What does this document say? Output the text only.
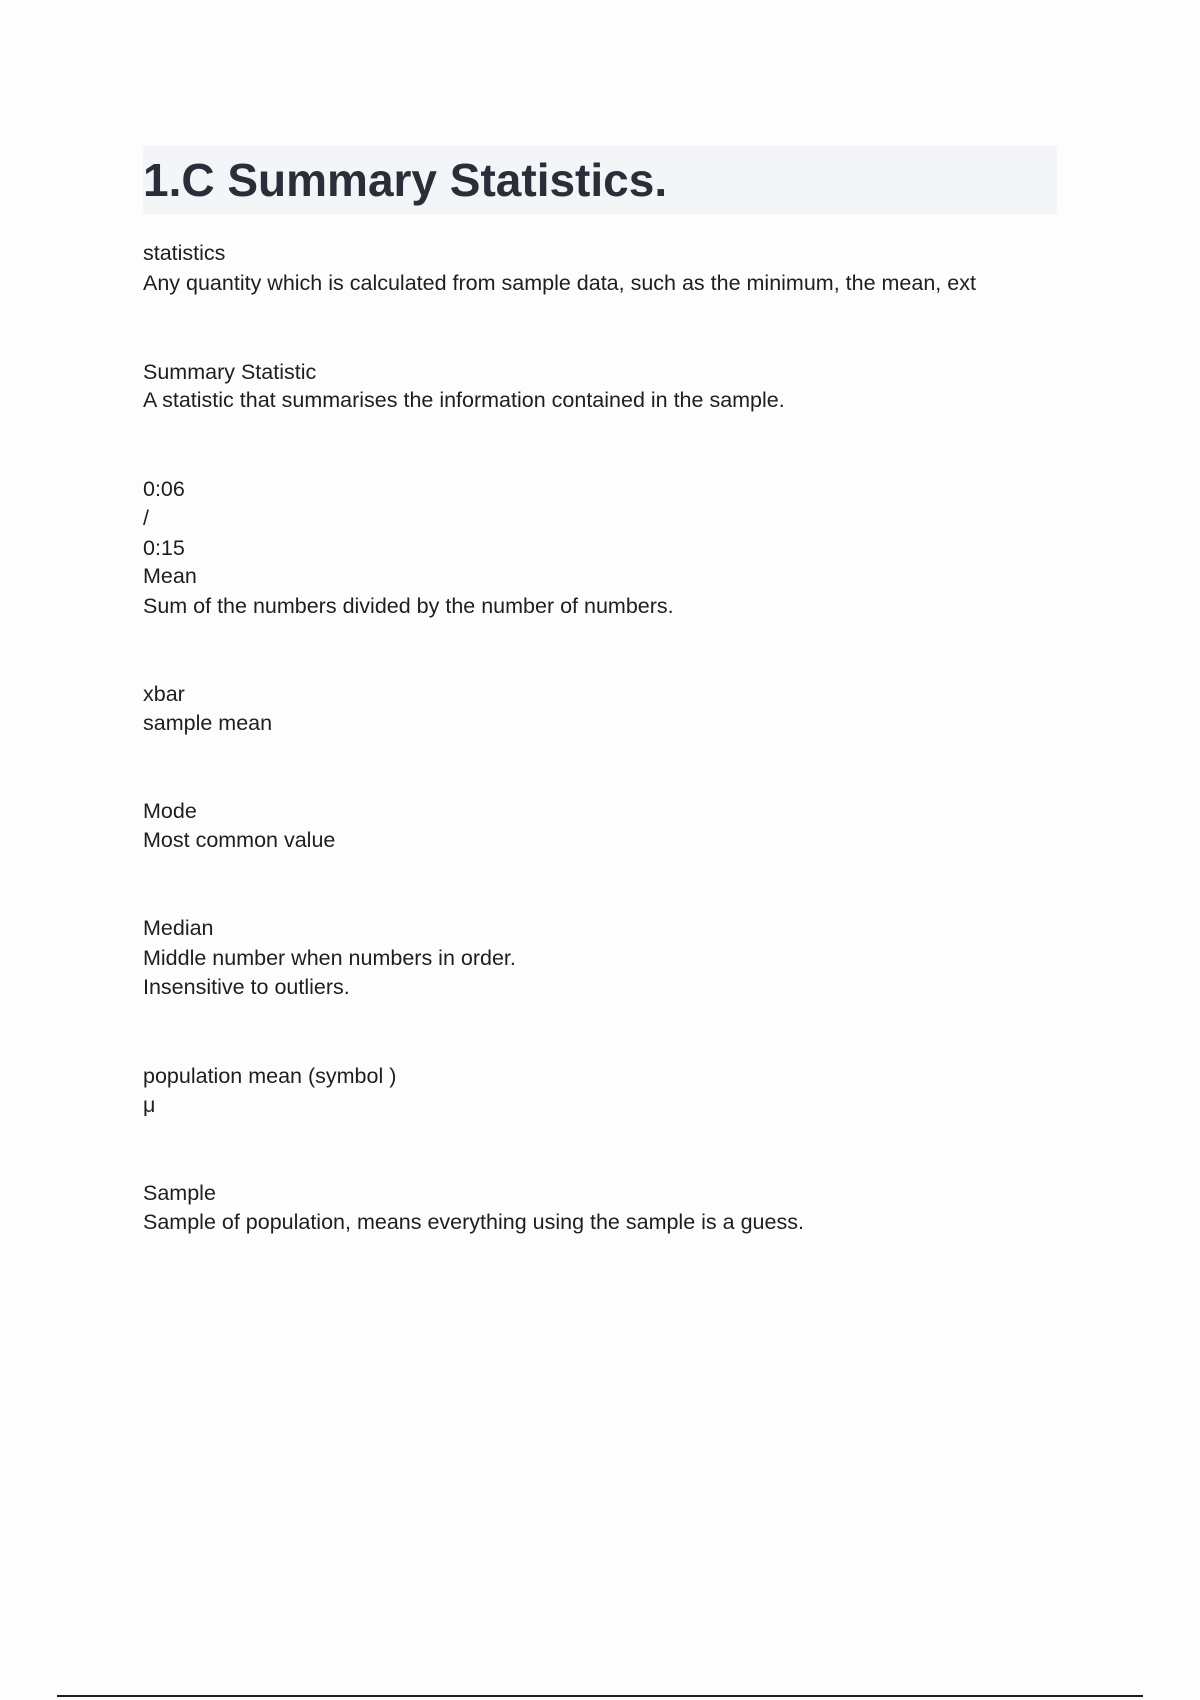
1.C Summary Statistics.
statistics
Any quantity which is calculated from sample data, such as the minimum, the mean, ext
Summary Statistic
A statistic that summarises the information contained in the sample.
0:06
/
0:15
Mean
Sum of the numbers divided by the number of numbers.
xbar
sample mean
Mode
Most common value
Median
Middle number when numbers in order.
Insensitive to outliers.
population mean (symbol )
μ
Sample
Sample of population, means everything using the sample is a guess.
